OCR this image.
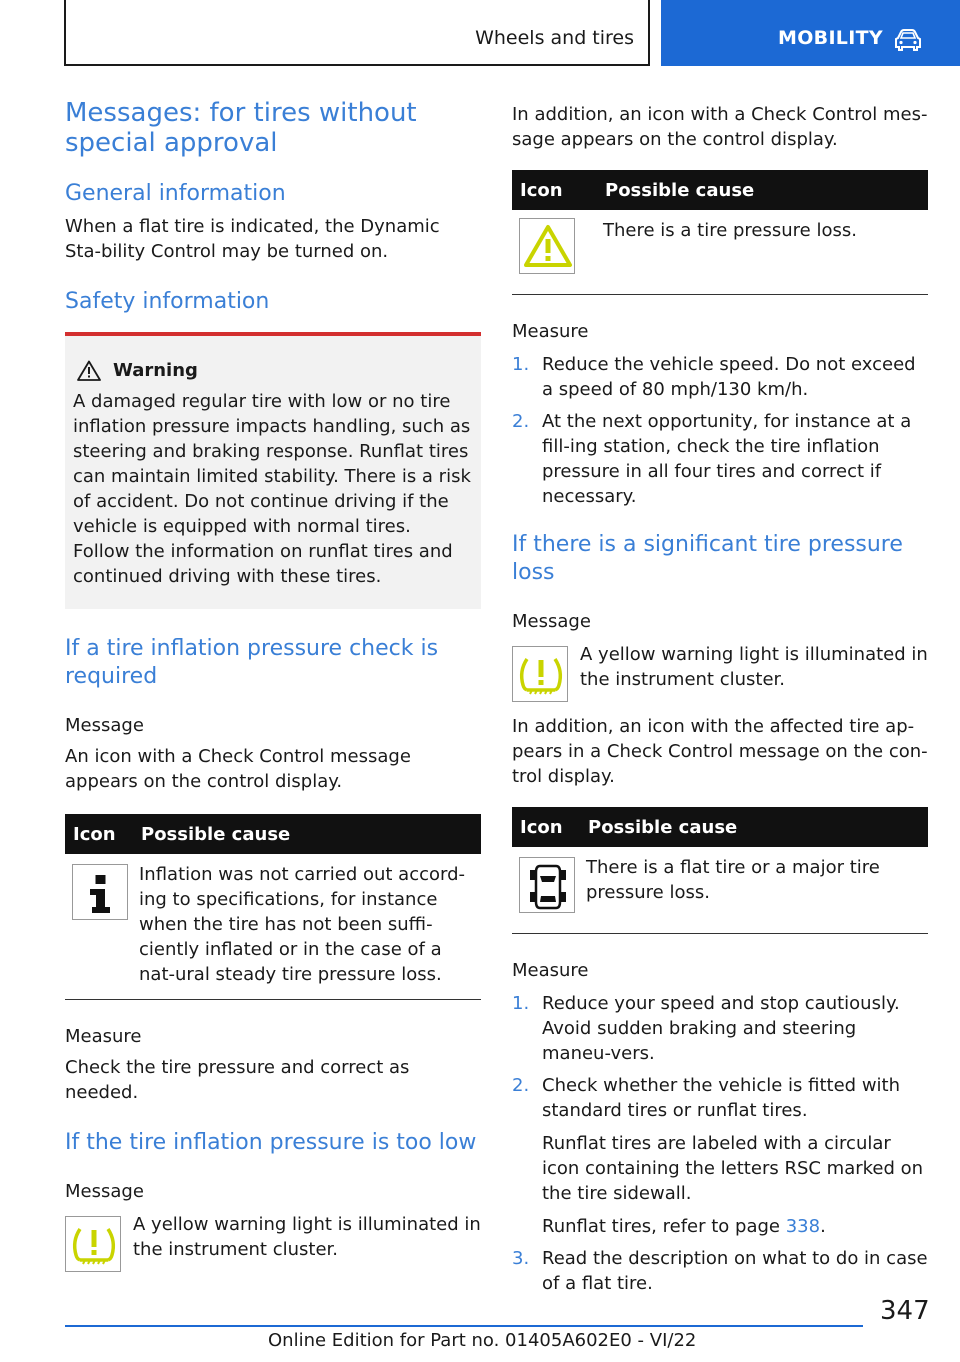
Wheels and tires	MOBILITY
Messages: for tires without special approval
General information

When a flat tire is indicated, the Dynamic Sta-bility Control may be turned on.

Safety information
Warning

A damaged regular tire with low or no tire inflation pressure impacts handling, such as steering and braking response. Runflat tires can maintain limited stability. There is a risk of accident. Do not continue driving if the vehicle is equipped with normal tires. Follow the information on runflat tires and continued driving with these tires.

If a tire inflation pressure check is required
Message

An icon with a Check Control message appears on the control display.

Icon	Possible cause
	Inflation was not carried out accord-ing to specifications, for instance when the tire has not been suffi-ciently inflated or in the case of a nat-ural steady tire pressure loss.
Measure

Check the tire pressure and correct as needed.

If the tire inflation pressure is too low
Message

A yellow warning light is illuminated in the instrument cluster.

In addition, an icon with a Check Control mes-sage appears on the control display.

Icon	Possible cause
	There is a tire pressure loss.
Measure
1. Reduce the vehicle speed. Do not exceed a speed of 80 mph/130 km/h.
2. At the next opportunity, for instance at a fill-ing station, check the tire inflation pressure in all four tires and correct if necessary.
If there is a significant tire pressure loss
Message

A yellow warning light is illuminated in the instrument cluster.

In addition, an icon with the affected tire ap-pears in a Check Control message on the con-trol display.

Icon	Possible cause
	There is a flat tire or a major tire pressure loss.
Measure
1. Reduce your speed and stop cautiously. Avoid sudden braking and steering maneu-vers.
2. Check whether the vehicle is fitted with standard tires or runflat tires.
Runflat tires are labeled with a circular icon containing the letters RSC marked on the tire sidewall.
Runflat tires, refer to page 338.
3. Read the description on what to do in case of a flat tire.
347
Online Edition for Part no. 01405A602E0 - VI/22
